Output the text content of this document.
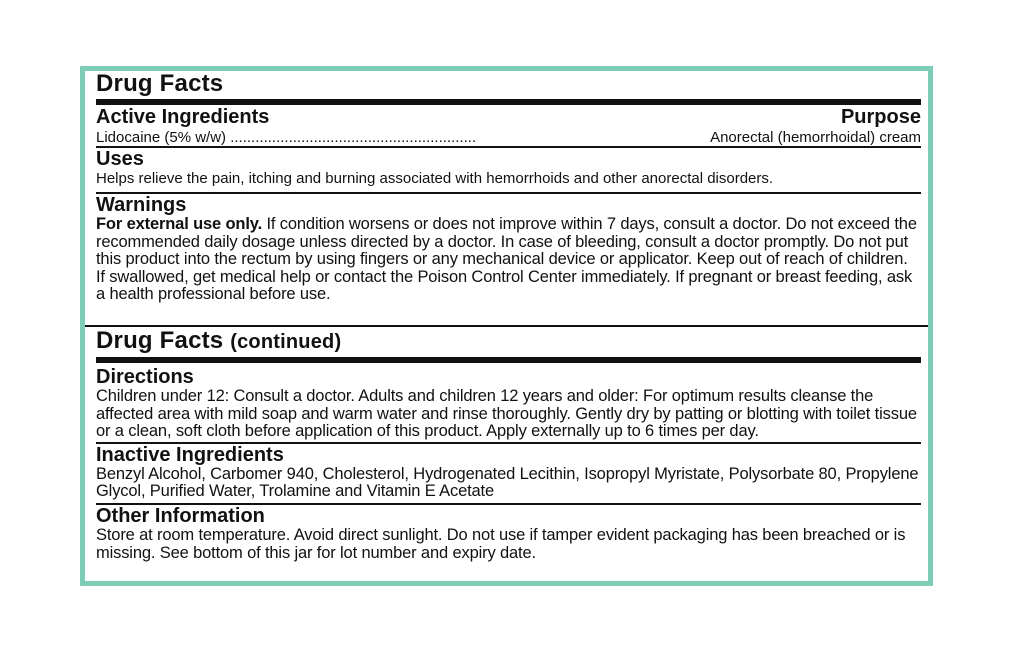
Drug Facts
Active Ingredients	Purpose
Lidocaine (5% w/w) ...........................................................	Anorectal (hemorrhoidal) cream
Uses
Helps relieve the pain, itching and burning associated with hemorrhoids and other anorectal disorders.
Warnings
For external use only. If condition worsens or does not improve within 7 days, consult a doctor. Do not exceed the recommended daily dosage unless directed by a doctor. In case of bleeding, consult a doctor promptly. Do not put this product into the rectum by using fingers or any mechanical device or applicator. Keep out of reach of children. If swallowed, get medical help or contact the Poison Control Center immediately. If pregnant or breast feeding, ask a health professional before use.
Drug Facts (continued)
Directions
Children under 12: Consult a doctor. Adults and children 12 years and older: For optimum results cleanse the affected area with mild soap and warm water and rinse thoroughly. Gently dry by patting or blotting with toilet tissue or a clean, soft cloth before application of this product. Apply externally up to 6 times per day.
Inactive Ingredients
Benzyl Alcohol, Carbomer 940, Cholesterol, Hydrogenated Lecithin, Isopropyl Myristate, Polysorbate 80, Propylene Glycol, Purified Water, Trolamine and Vitamin E Acetate
Other Information
Store at room temperature. Avoid direct sunlight. Do not use if tamper evident packaging has been breached or is missing. See bottom of this jar for lot number and expiry date.
